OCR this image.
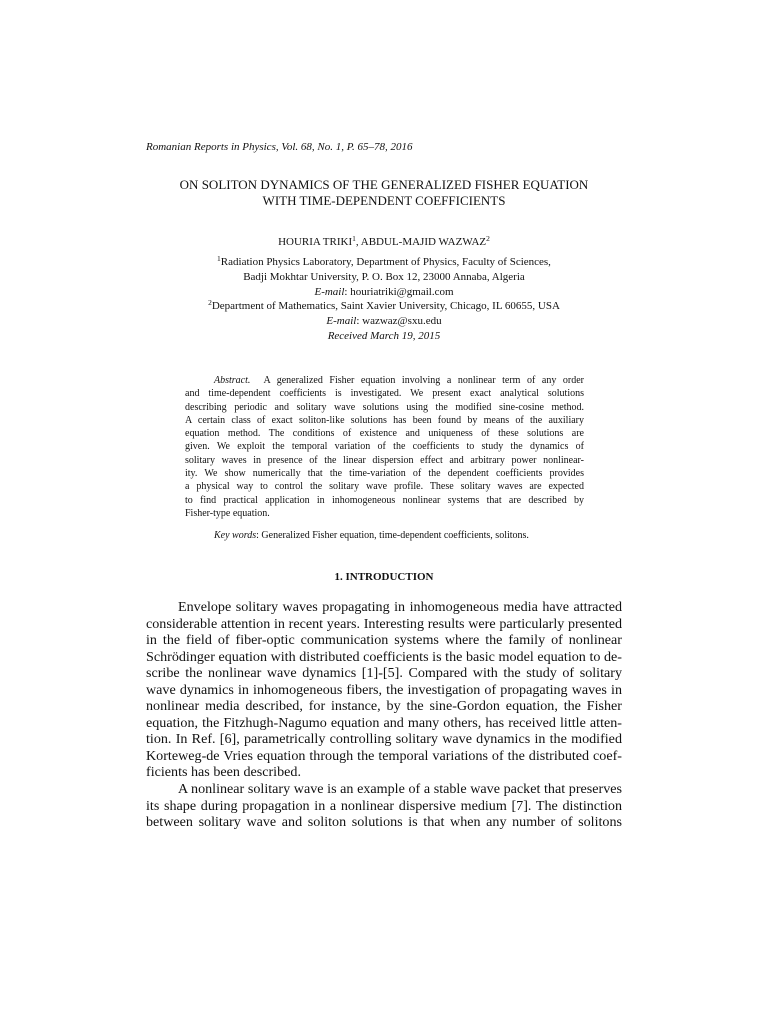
Romanian Reports in Physics, Vol. 68, No. 1, P. 65–78, 2016
ON SOLITON DYNAMICS OF THE GENERALIZED FISHER EQUATION
WITH TIME-DEPENDENT COEFFICIENTS
HOURIA TRIKI$^1$, ABDUL-MAJID WAZWAZ$^2$
$^1$Radiation Physics Laboratory, Department of Physics, Faculty of Sciences,
Badji Mokhtar University, P. O. Box 12, 23000 Annaba, Algeria
E-mail: houriatriki@gmail.com
$^2$Department of Mathematics, Saint Xavier University, Chicago, IL 60655, USA
E-mail: wazwaz@sxu.edu
Received March 19, 2015
Abstract. A generalized Fisher equation involving a nonlinear term of any order
and time-dependent coefficients is investigated. We present exact analytical solutions
describing periodic and solitary wave solutions using the modified sine-cosine method.
A certain class of exact soliton-like solutions has been found by means of the auxiliary
equation method. The conditions of existence and uniqueness of these solutions are
given. We exploit the temporal variation of the coefficients to study the dynamics of
solitary waves in presence of the linear dispersion effect and arbitrary power nonlinear-
ity. We show numerically that the time-variation of the dependent coefficients provides
a physical way to control the solitary wave profile. These solitary waves are expected
to find practical application in inhomogeneous nonlinear systems that are described by
Fisher-type equation.
Key words: Generalized Fisher equation, time-dependent coefficients, solitons.
1. INTRODUCTION
Envelope solitary waves propagating in inhomogeneous media have attracted
considerable attention in recent years. Interesting results were particularly presented
in the field of fiber-optic communication systems where the family of nonlinear
Schrödinger equation with distributed coefficients is the basic model equation to de-
scribe the nonlinear wave dynamics [1]-[5]. Compared with the study of solitary
wave dynamics in inhomogeneous fibers, the investigation of propagating waves in
nonlinear media described, for instance, by the sine-Gordon equation, the Fisher
equation, the Fitzhugh-Nagumo equation and many others, has received little atten-
tion. In Ref. [6], parametrically controlling solitary wave dynamics in the modified
Korteweg-de Vries equation through the temporal variations of the distributed coef-
ficients has been described.
A nonlinear solitary wave is an example of a stable wave packet that preserves
its shape during propagation in a nonlinear dispersive medium [7]. The distinction
between solitary wave and soliton solutions is that when any number of solitons
